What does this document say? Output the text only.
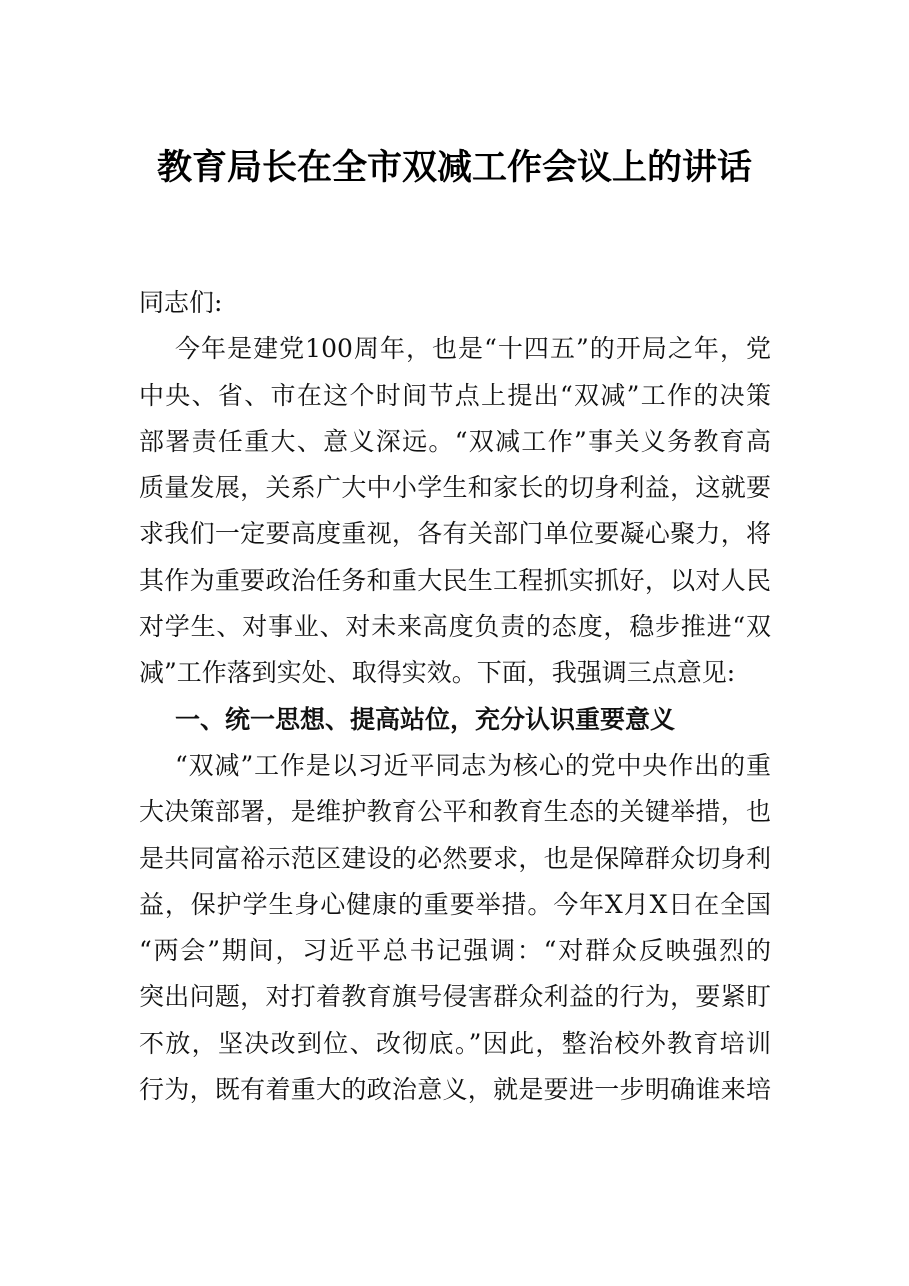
教育局长在全市双减工作会议上的讲话
同志们:
今年是建党100周年，也是“十四五”的开局之年，党
中央、省、市在这个时间节点上提出“双减”工作的决策
部署责任重大、意义深远。“双减工作”事关义务教育高
质量发展，关系广大中小学生和家长的切身利益，这就要
求我们一定要高度重视，各有关部门单位要凝心聚力，将
其作为重要政治任务和重大民生工程抓实抓好，以对人民
对学生、对事业、对未来高度负责的态度，稳步推进“双
减”工作落到实处、取得实效。下面，我强调三点意见:
一、统一思想、提高站位，充分认识重要意义
“双减”工作是以习近平同志为核心的党中央作出的重
大决策部署，是维护教育公平和教育生态的关键举措，也
是共同富裕示范区建设的必然要求，也是保障群众切身利
益，保护学生身心健康的重要举措。今年X月X日在全国
“两会”期间，习近平总书记强调：“对群众反映强烈的
突出问题，对打着教育旗号侵害群众利益的行为，要紧盯
不放，坚决改到位、改彻底。”因此，整治校外教育培训
行为，既有着重大的政治意义，就是要进一步明确谁来培
